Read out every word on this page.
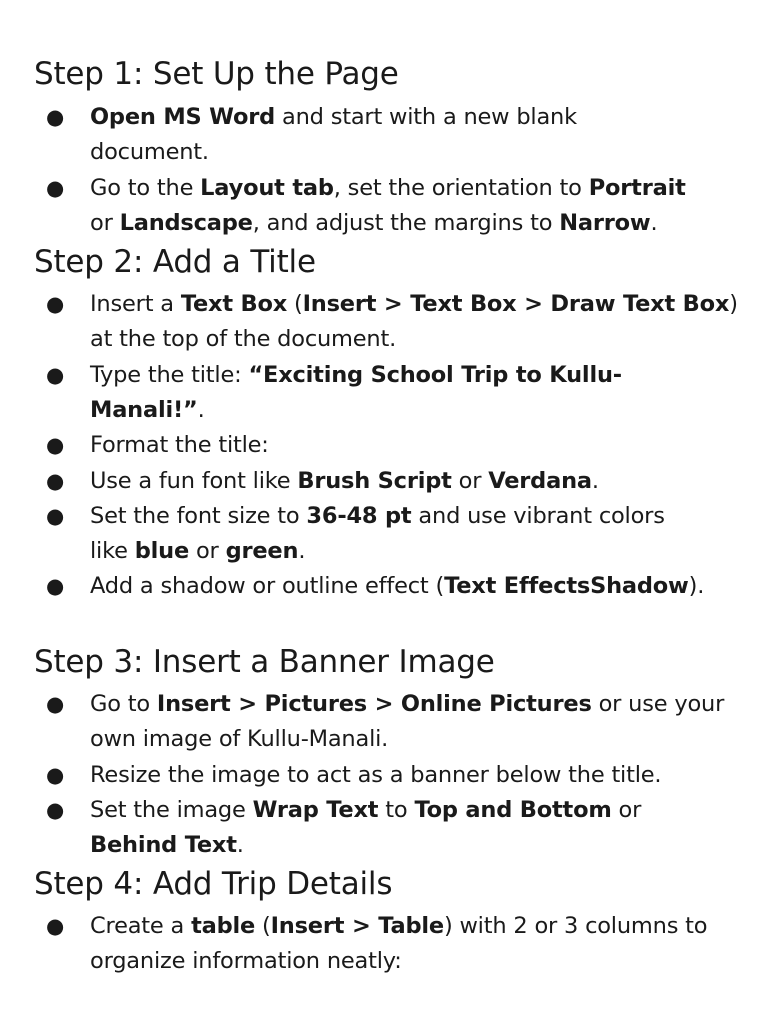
Step 1: Set Up the Page
● Open MS Word and start with a new blank

document.

● Go to the Layout tab, set the orientation to Portrait

or Landscape, and adjust the margins to Narrow.

Step 2: Add a Title
● Insert a Text Box (Insert > Text Box > Draw Text Box)

at the top of the document.

● Type the title: “Exciting School Trip to Kullu-

Manali!”.

● Format the title:

● Use a fun font like Brush Script or Verdana.

● Set the font size to 36-48 pt and use vibrant colors

like blue or green.

● Add a shadow or outline effect (Text EffectsShadow).

Step 3: Insert a Banner Image
● Go to Insert > Pictures > Online Pictures or use your

own image of Kullu-Manali.

● Resize the image to act as a banner below the title.

● Set the image Wrap Text to Top and Bottom or

Behind Text.

Step 4: Add Trip Details
● Create a table (Insert > Table) with 2 or 3 columns to

organize information neatly:
